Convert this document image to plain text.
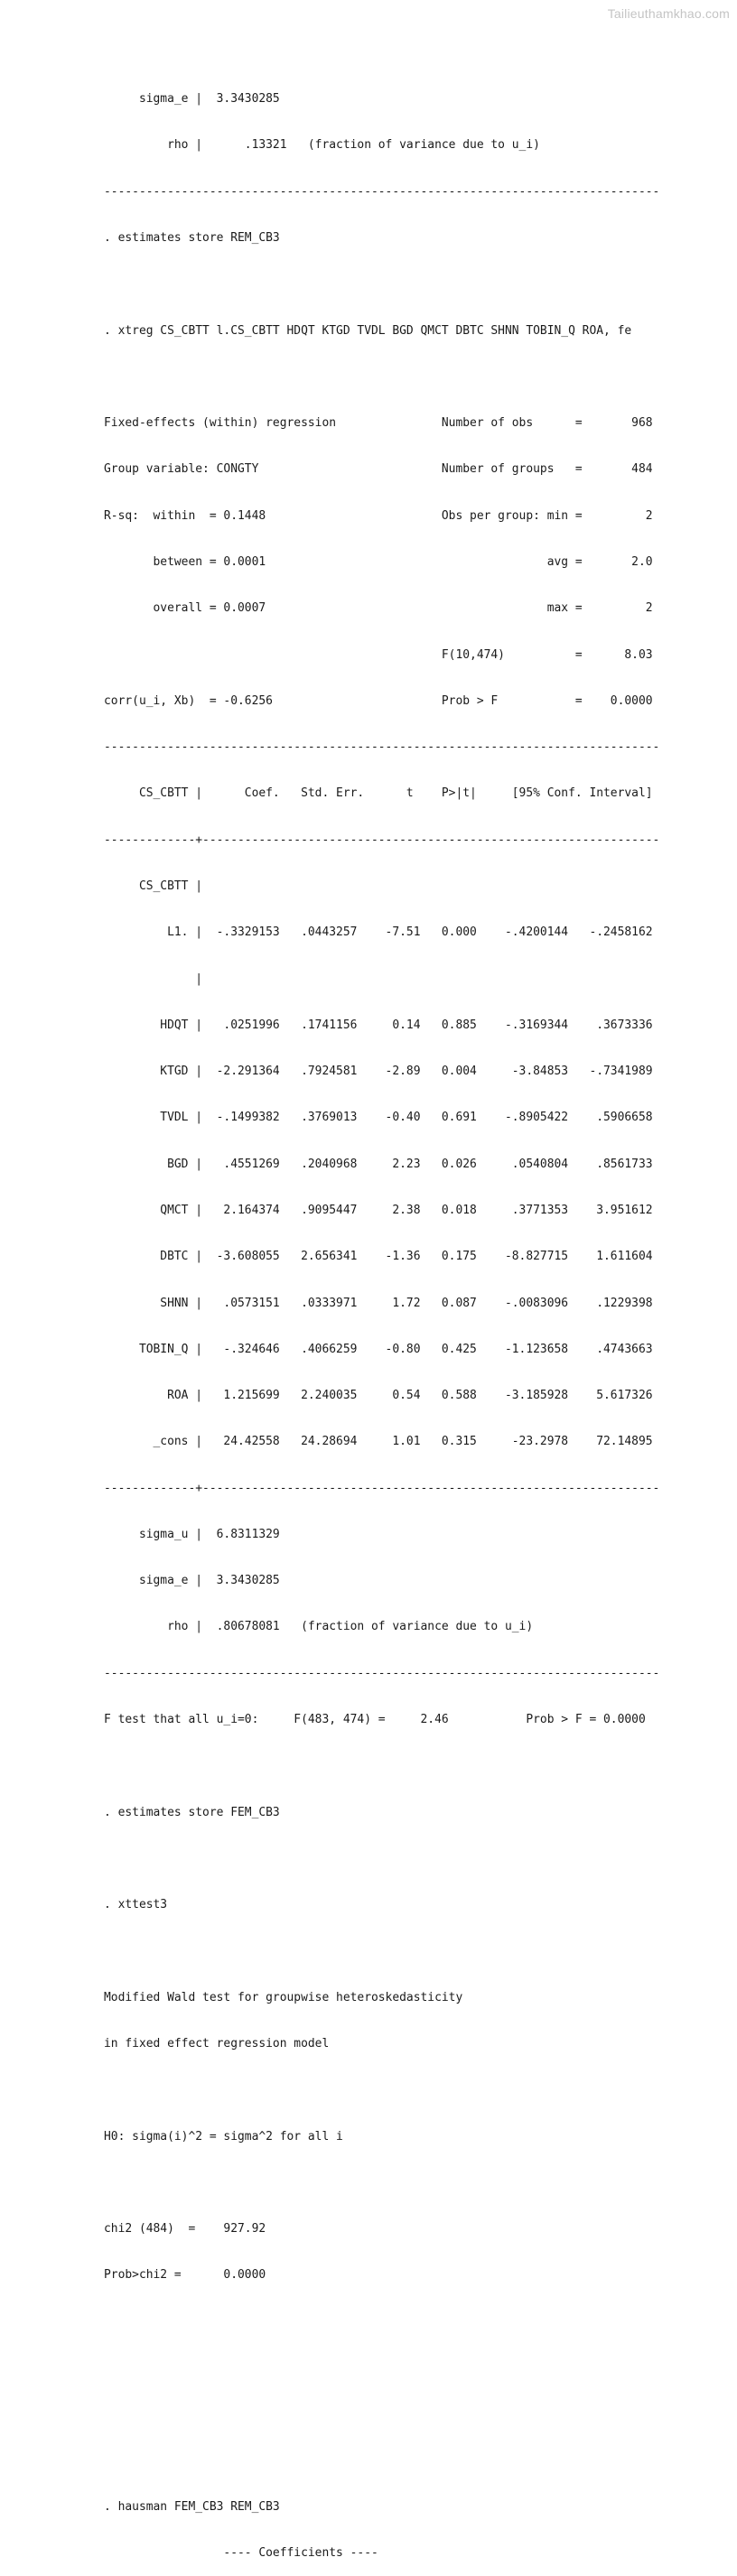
Tailieuthamkhao.com

sigma_e |  3.3430285

rho |      .13321   (fraction of variance due to u_i)

-------------------------------------------------------------------------------

. estimates store REM_CB3

. xtreg CS_CBTT l.CS_CBTT HDQT KTGD TVDL BGD QMCT DBTC SHNN TOBIN_Q ROA, fe

Fixed-effects (within) regression               Number of obs      =       968

Group variable: CONGTY                          Number of groups   =       484

R-sq:  within  = 0.1448                         Obs per group: min =         2

between = 0.0001                                        avg =       2.0

overall = 0.0007                                        max =         2

F(10,474)          =      8.03

corr(u_i, Xb)  = -0.6256                        Prob > F           =    0.0000

-------------------------------------------------------------------------------

CS_CBTT |      Coef.   Std. Err.      t    P>|t|     [95% Conf. Interval]

-------------+-----------------------------------------------------------------

CS_CBTT |

L1. |  -.3329153   .0443257    -7.51   0.000    -.4200144   -.2458162

|

HDQT |   .0251996   .1741156     0.14   0.885    -.3169344    .3673336

KTGD |  -2.291364   .7924581    -2.89   0.004     -3.84853   -.7341989

TVDL |  -.1499382   .3769013    -0.40   0.691    -.8905422    .5906658

BGD |   .4551269   .2040968     2.23   0.026     .0540804    .8561733

QMCT |   2.164374   .9095447     2.38   0.018     .3771353    3.951612

DBTC |  -3.608055   2.656341    -1.36   0.175    -8.827715    1.611604

SHNN |   .0573151   .0333971     1.72   0.087    -.0083096    .1229398

TOBIN_Q |   -.324646   .4066259    -0.80   0.425    -1.123658    .4743663

ROA |   1.215699   2.240035     0.54   0.588    -3.185928    5.617326

_cons |   24.42558   24.28694     1.01   0.315     -23.2978    72.14895

-------------+-----------------------------------------------------------------

sigma_u |  6.8311329

sigma_e |  3.3430285

rho |  .80678081   (fraction of variance due to u_i)

-------------------------------------------------------------------------------

F test that all u_i=0:     F(483, 474) =     2.46           Prob > F = 0.0000

. estimates store FEM_CB3

. xttest3

Modified Wald test for groupwise heteroskedasticity

in fixed effect regression model

H0: sigma(i)^2 = sigma^2 for all i

chi2 (484)  =    927.92

Prob>chi2 =      0.0000

. hausman FEM_CB3 REM_CB3

---- Coefficients ----
